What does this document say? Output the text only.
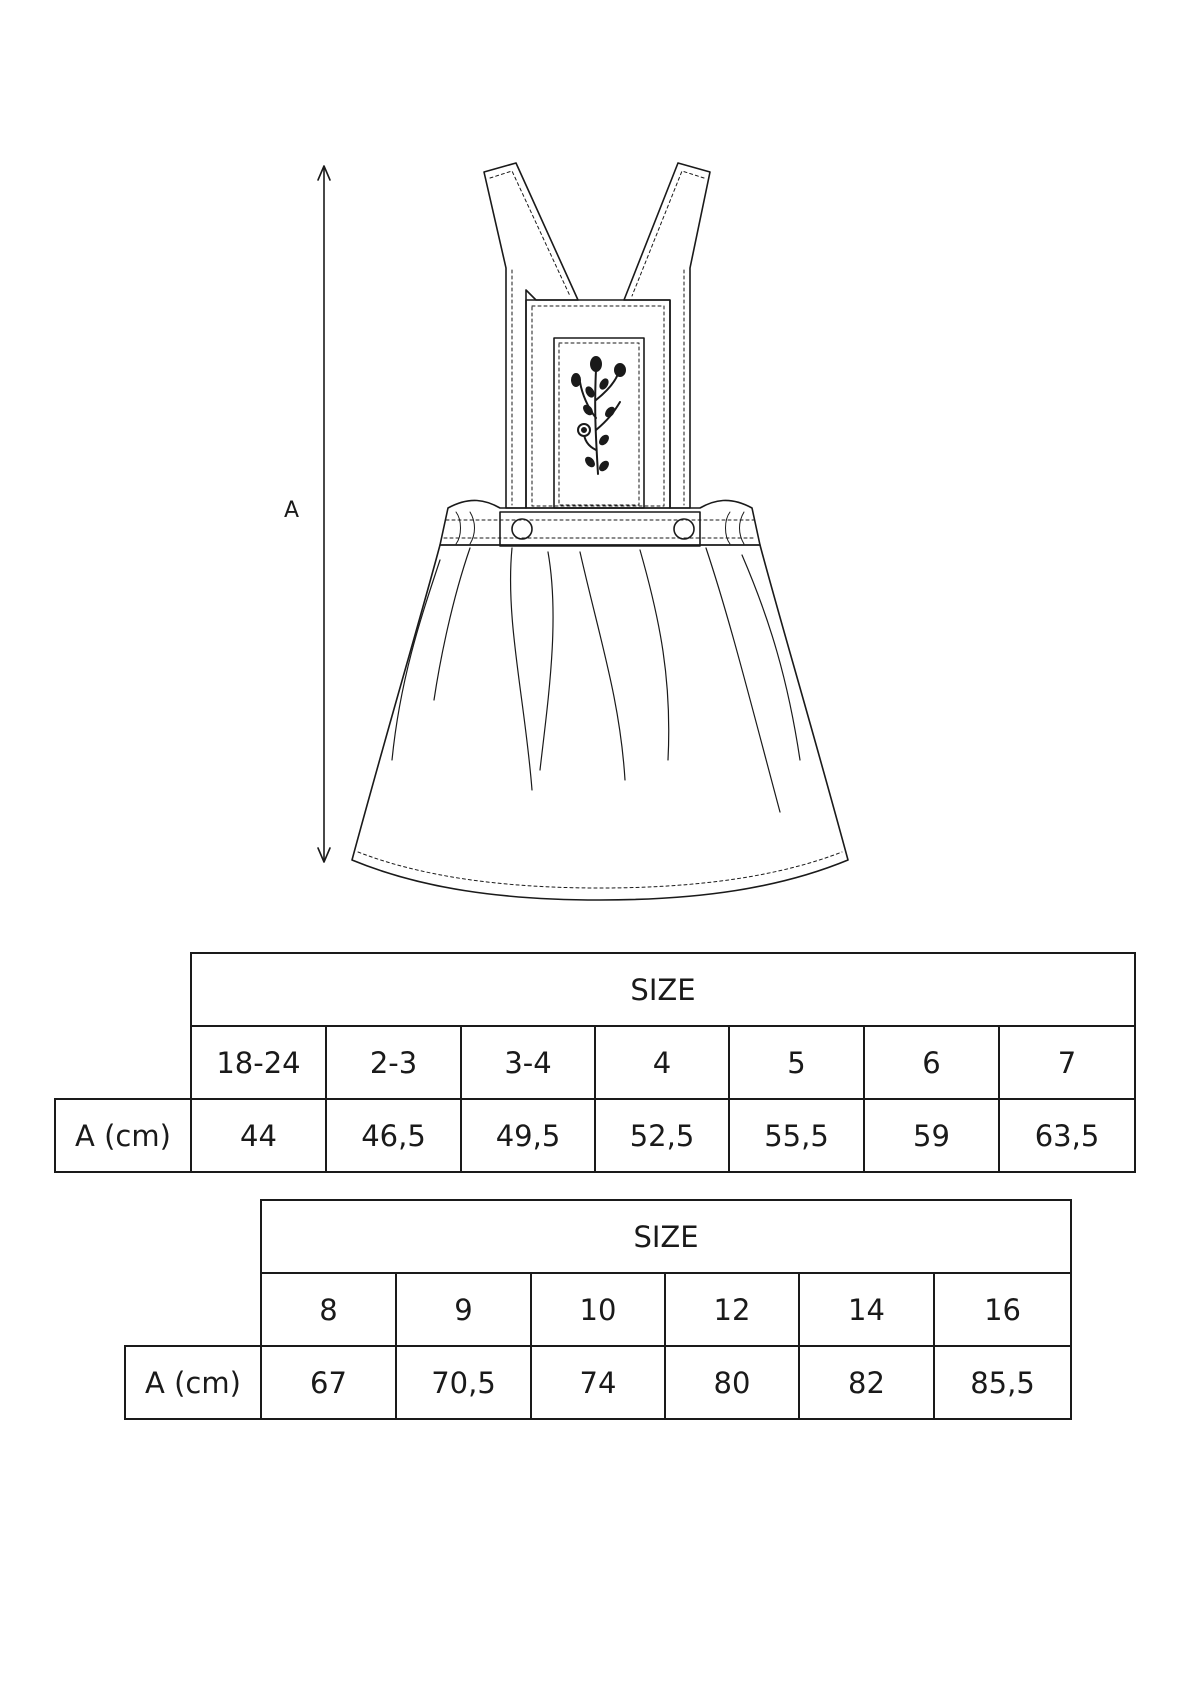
A
	SIZE						
	18-24	2-3	3-4	4	5	6	7
A (cm)	44	46,5	49,5	52,5	55,5	59	63,5
	SIZE					
	8	9	10	12	14	16
A (cm)	67	70,5	74	80	82	85,5
